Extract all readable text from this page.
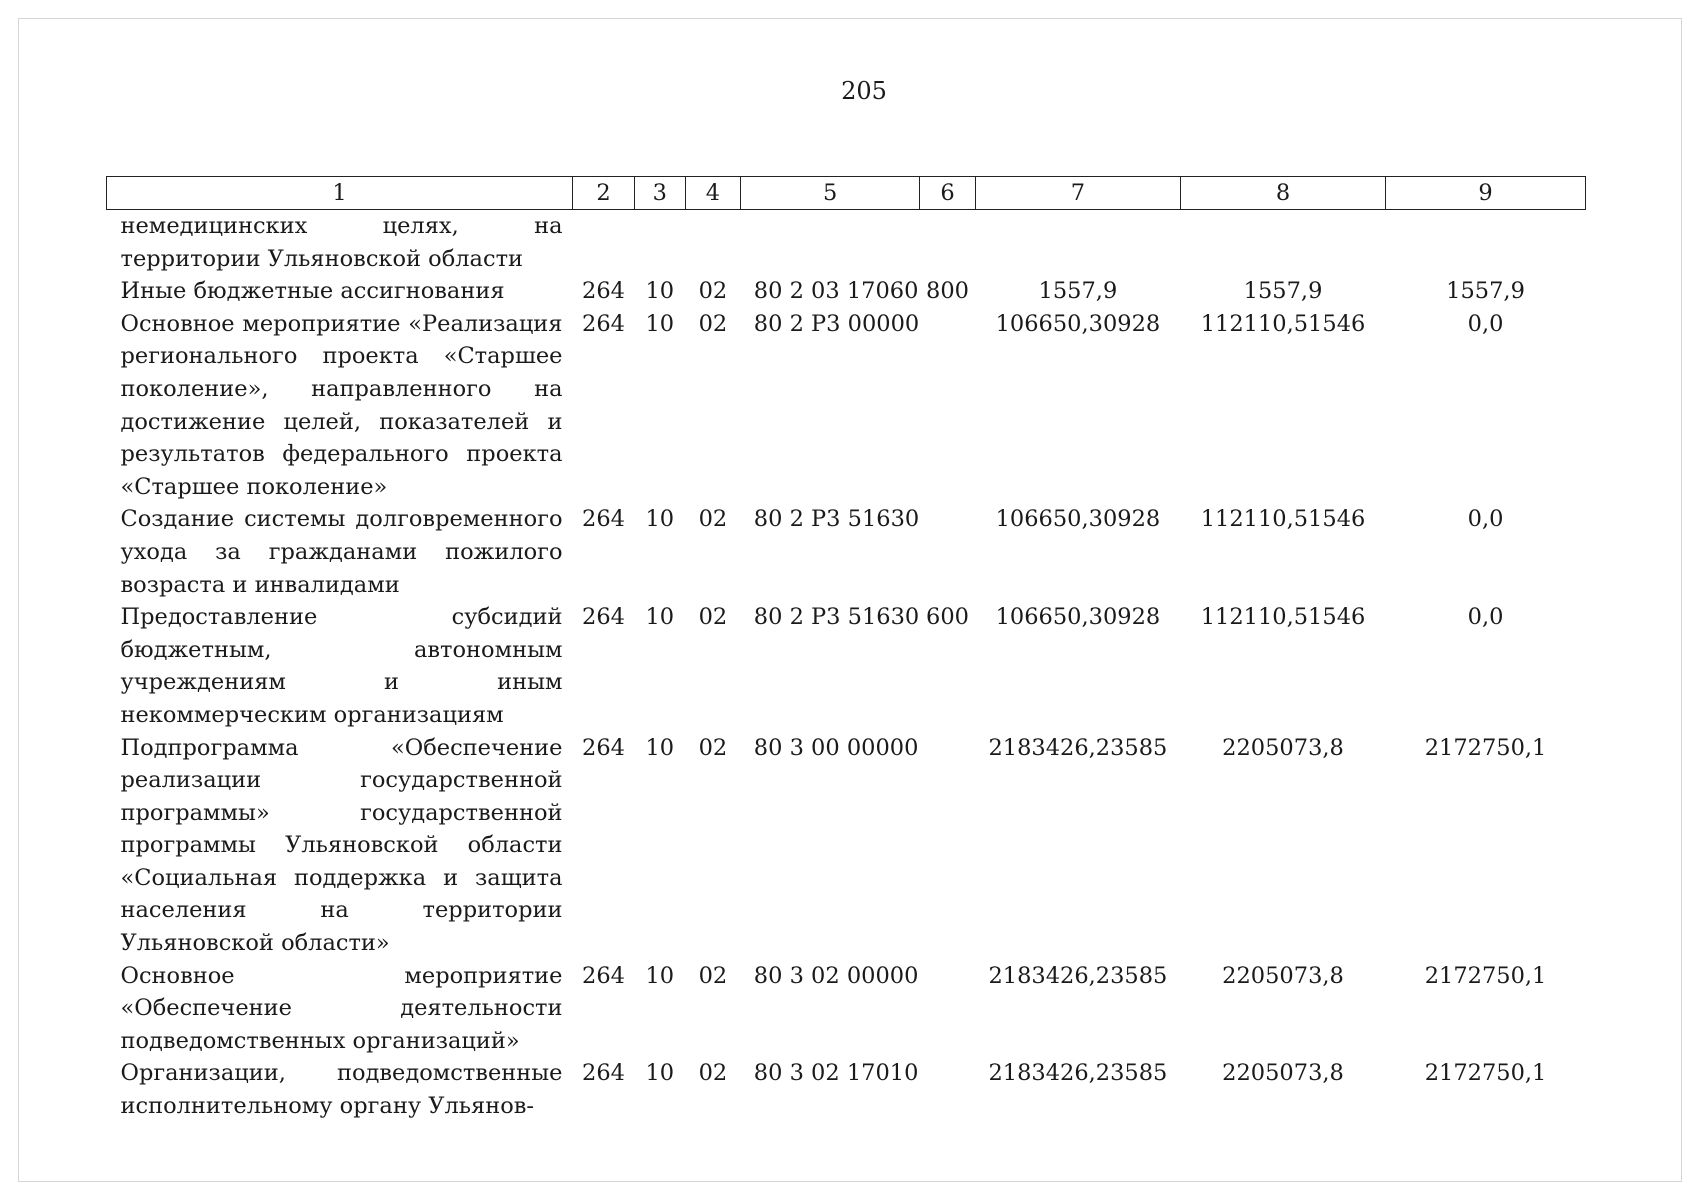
205
1	2	3	4	5	6	7	8	9
немедицинских целях, на территории Ульяновской области								
Иные бюджетные ассигнования	264	10	02	80 2 03 17060	800	1557,9	1557,9	1557,9
Основное мероприятие «Реализация регионального проекта «Старшее поколение», направленного на достижение целей, показателей и результатов федерального проекта «Старшее поколение»	264	10	02	80 2 P3 00000		106650,30928	112110,51546	0,0
Создание системы долговременного ухода за гражданами пожилого возраста и инвалидами	264	10	02	80 2 P3 51630		106650,30928	112110,51546	0,0
Предоставление субсидий бюджетным, автономным учреждениям и иным некоммерческим организациям	264	10	02	80 2 P3 51630	600	106650,30928	112110,51546	0,0
Подпрограмма «Обеспечение реализации государственной программы» государственной программы Ульяновской области «Социальная поддержка и защита населения на территории Ульяновской области»	264	10	02	80 3 00 00000		2183426,23585	2205073,8	2172750,1
Основное мероприятие «Обеспечение деятельности подведомственных организаций»	264	10	02	80 3 02 00000		2183426,23585	2205073,8	2172750,1
Организации, подведомственные исполнительному органу Ульянов-	264	10	02	80 3 02 17010		2183426,23585	2205073,8	2172750,1
